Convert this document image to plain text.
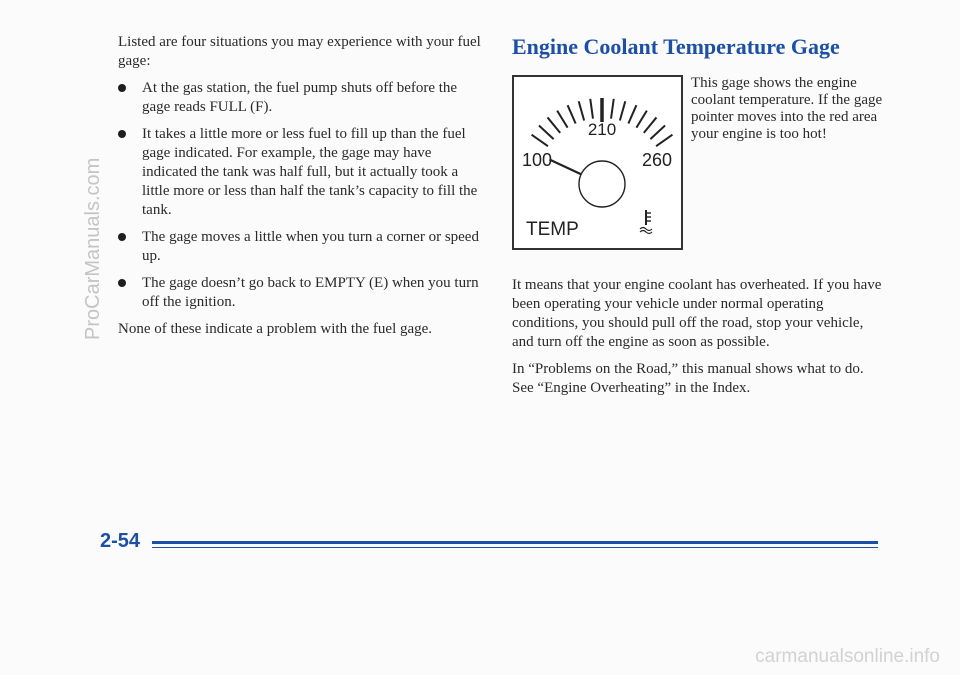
Listed are four situations you may experience with your fuel gage:

At the gas station, the fuel pump shuts off before the gage reads FULL (F).
It takes a little more or less fuel to fill up than the fuel gage indicated. For example, the gage may have indicated the tank was half full, but it actually took a little more or less than half the tank’s capacity to fill the tank.
The gage moves a little when you turn a corner or speed up.
The gage doesn’t go back to EMPTY (E) when you turn off the ignition.

None of these indicate a problem with the fuel gage.

Engine Coolant Temperature Gage
210
100	260
TEMP
This gage shows the engine coolant temperature. If the gage pointer moves into the red area your engine is too hot!

It means that your engine coolant has overheated. If you have been operating your vehicle under normal operating conditions, you should pull off the road, stop your vehicle, and turn off the engine as soon as possible.

In “Problems on the Road,” this manual shows what to do. See “Engine Overheating” in the Index.

2-54
ProCarManuals.com
carmanualsonline.info
